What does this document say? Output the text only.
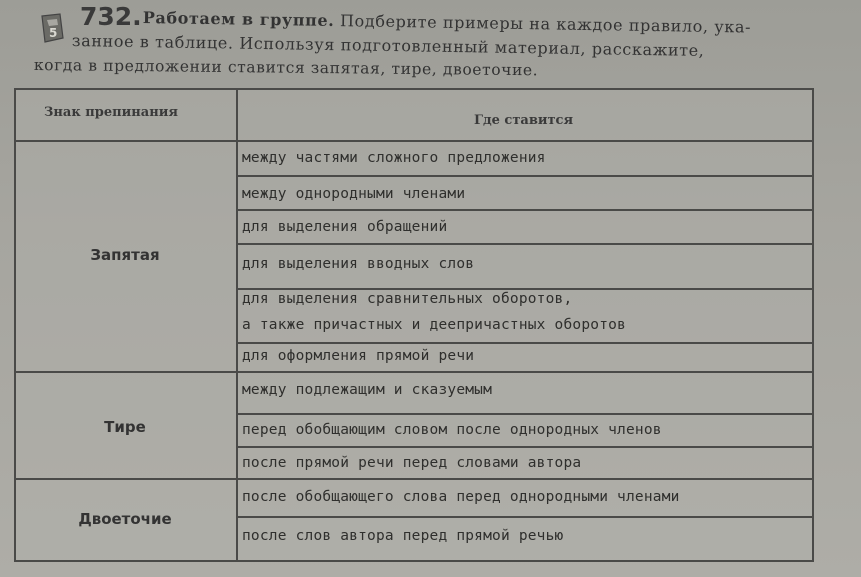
5
732. Работаем в группе. Подберите примеры на каждое правило, ука-
занное в таблице. Используя подготовленный материал, расскажите,
когда в предложении ставится запятая, тире, двоеточие.
Знак препинания
Где ставится
Запятая
Тире
Двоеточие
между частями сложного предложения
между однородными членами
для выделения обращений
для выделения вводных слов
для выделения сравнительных оборотов,
а также причастных и деепричастных оборотов
для оформления прямой речи
между подлежащим и сказуемым
перед обобщающим словом после однородных членов
после прямой речи перед словами автора
после обобщающего слова перед однородными членами
после слов автора перед прямой речью
